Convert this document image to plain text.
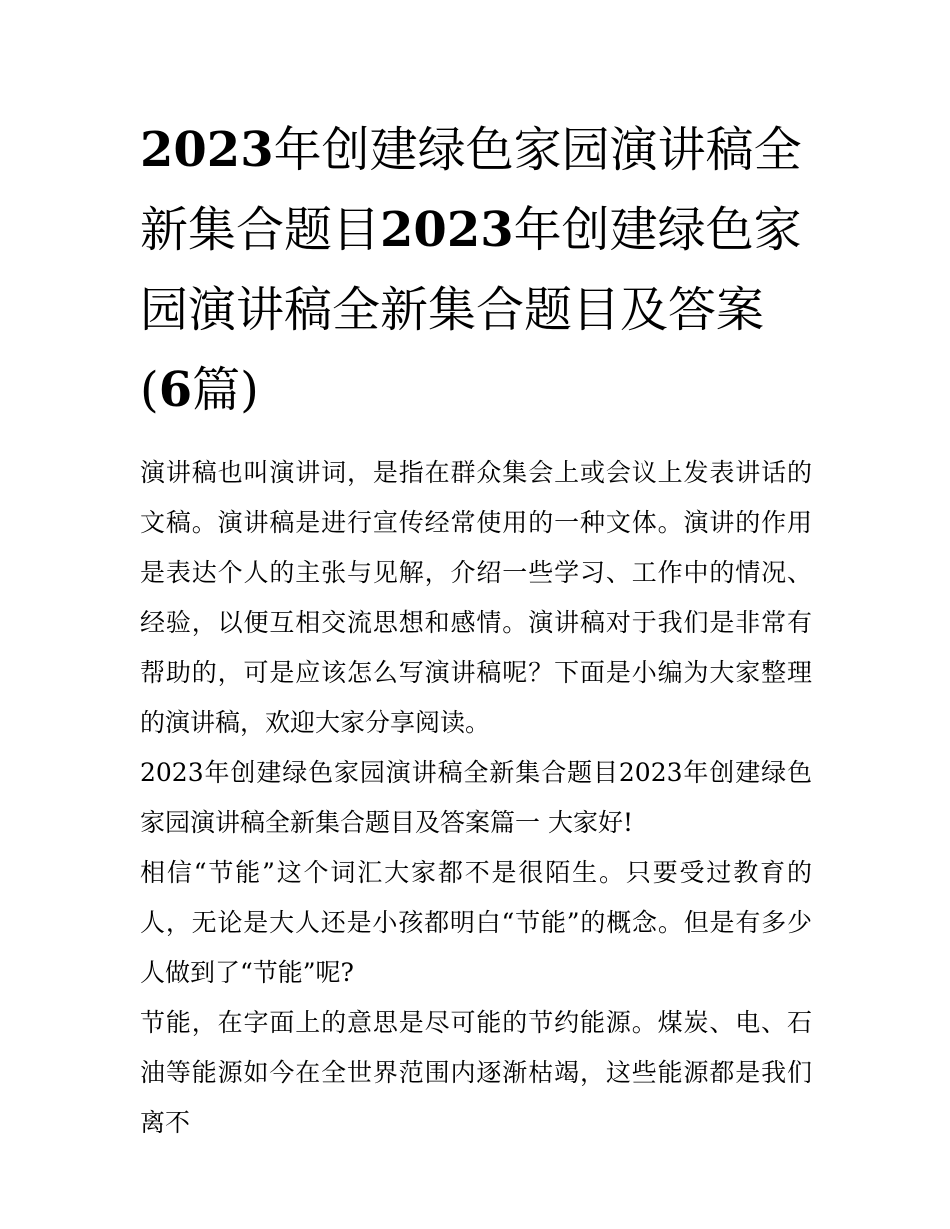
2023年创建绿色家园演讲稿全新集合题目2023年创建绿色家园演讲稿全新集合题目及答案(6篇)

演讲稿也叫演讲词，是指在群众集会上或会议上发表讲话的文稿。演讲稿是进行宣传经常使用的一种文体。演讲的作用是表达个人的主张与见解，介绍一些学习、工作中的情况、经验，以便互相交流思想和感情。演讲稿对于我们是非常有帮助的，可是应该怎么写演讲稿呢？下面是小编为大家整理的演讲稿，欢迎大家分享阅读。

2023年创建绿色家园演讲稿全新集合题目2023年创建绿色家园演讲稿全新集合题目及答案篇一 大家好!

相信“节能”这个词汇大家都不是很陌生。只要受过教育的人，无论是大人还是小孩都明白“节能”的概念。但是有多少人做到了“节能”呢?

节能，在字面上的意思是尽可能的节约能源。煤炭、电、石油等能源如今在全世界范围内逐渐枯竭，这些能源都是我们离不
